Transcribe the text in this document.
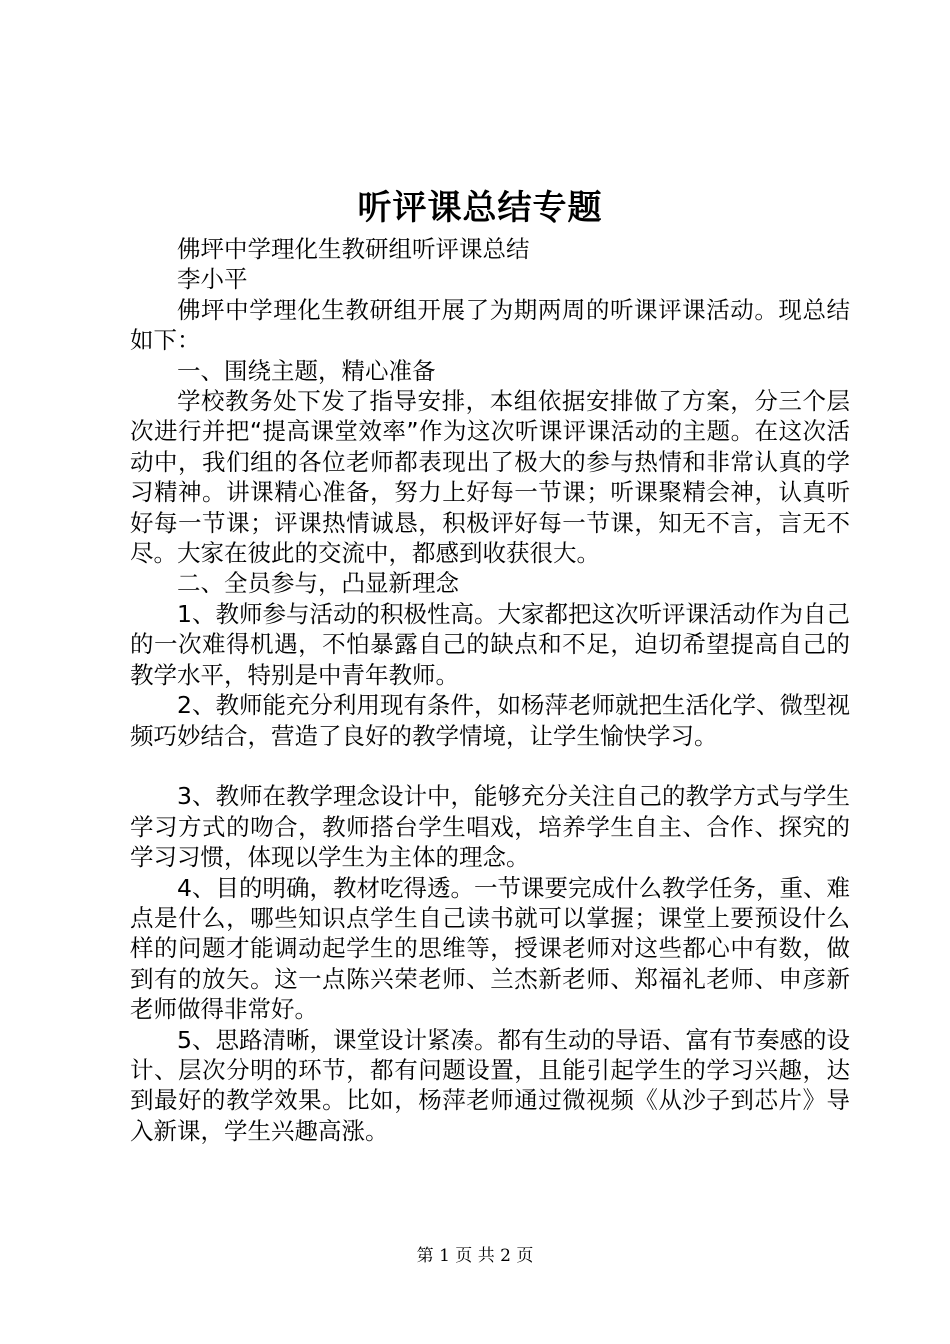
听评课总结专题

佛坪中学理化生教研组听评课总结

李小平

佛坪中学理化生教研组开展了为期两周的听课评课活动。现总结如下：

一、围绕主题，精心准备

学校教务处下发了指导安排，本组依据安排做了方案，分三个层次进行并把“提高课堂效率”作为这次听课评课活动的主题。在这次活动中，我们组的各位老师都表现出了极大的参与热情和非常认真的学习精神。讲课精心准备，努力上好每一节课；听课聚精会神，认真听好每一节课；评课热情诚恳，积极评好每一节课，知无不言，言无不尽。大家在彼此的交流中，都感到收获很大。

二、全员参与，凸显新理念

1、教师参与活动的积极性高。大家都把这次听评课活动作为自己的一次难得机遇，不怕暴露自己的缺点和不足，迫切希望提高自己的教学水平，特别是中青年教师。

2、教师能充分利用现有条件，如杨萍老师就把生活化学、微型视频巧妙结合，营造了良好的教学情境，让学生愉快学习。

3、教师在教学理念设计中，能够充分关注自己的教学方式与学生学习方式的吻合，教师搭台学生唱戏，培养学生自主、合作、探究的学习习惯，体现以学生为主体的理念。

4、目的明确，教材吃得透。一节课要完成什么教学任务，重、难点是什么，哪些知识点学生自己读书就可以掌握；课堂上要预设什么样的问题才能调动起学生的思维等，授课老师对这些都心中有数，做到有的放矢。这一点陈兴荣老师、兰杰新老师、郑福礼老师、申彦新老师做得非常好。

5、思路清晰，课堂设计紧凑。都有生动的导语、富有节奏感的设计、层次分明的环节，都有问题设置，且能引起学生的学习兴趣，达到最好的教学效果。比如，杨萍老师通过微视频《从沙子到芯片》导入新课，学生兴趣高涨。

第 1 页 共 2 页
